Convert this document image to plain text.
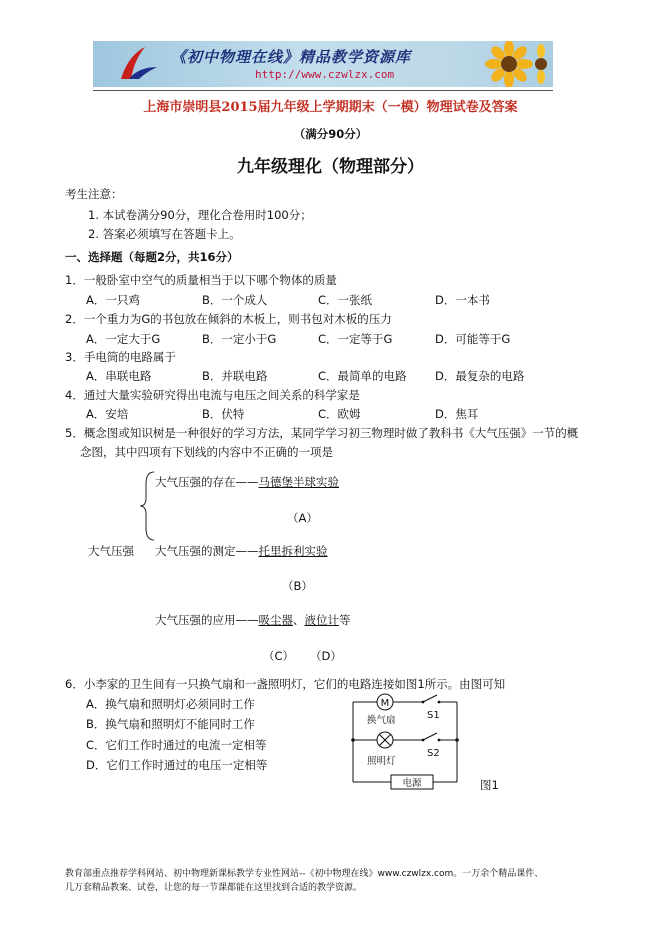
《初中物理在线》精品教学资源库
http://www.czwlzx.com
上海市崇明县2015届九年级上学期期末（一模）物理试卷及答案
（满分90分）
九年级理化（物理部分）
考生注意：
1. 本试卷满分90分，理化合卷用时100分；
2. 答案必须填写在答题卡上。
一、选择题（每题2分，共16分）
1．一般卧室中空气的质量相当于以下哪个物体的质量
A．一只鸡	B．一个成人	C．一张纸	D．一本书
2．一个重力为G的书包放在倾斜的木板上，则书包对木板的压力
A．一定大于G	B．一定小于G	C．一定等于G	D．可能等于G
3．手电筒的电路属于
A．串联电路	B．并联电路	C．最简单的电路 D．最复杂的电路
4．通过大量实验研究得出电流与电压之间关系的科学家是
A．安培	B．伏特	C．欧姆	D．焦耳
5．概念图或知识树是一种很好的学习方法，某同学学习初三物理时做了教科书《大气压强》一节的概
念图，其中四项有下划线的内容中不正确的一项是
大气压强的存在——马德堡半球实验
（A）
大气压强 大气压强的测定——托里拆利实验
（B）
大气压强的应用——吸尘器、液位计等
（C） （D）
6．小李家的卫生间有一只换气扇和一盏照明灯，它们的电路连接如图1所示。由图可知
A．换气扇和照明灯必须同时工作
B．换气扇和照明灯不能同时工作
C．它们工作时通过的电流一定相等
D．它们工作时通过的电压一定相等
M
换气扇	S1
照明灯
S2
电源	图1
教育部重点推荐学科网站、初中物理新课标教学专业性网站--《初中物理在线》www.czwlzx.com。一万余个精品课件、
几万套精品教案、试卷，让您的每一节课都能在这里找到合适的教学资源。
